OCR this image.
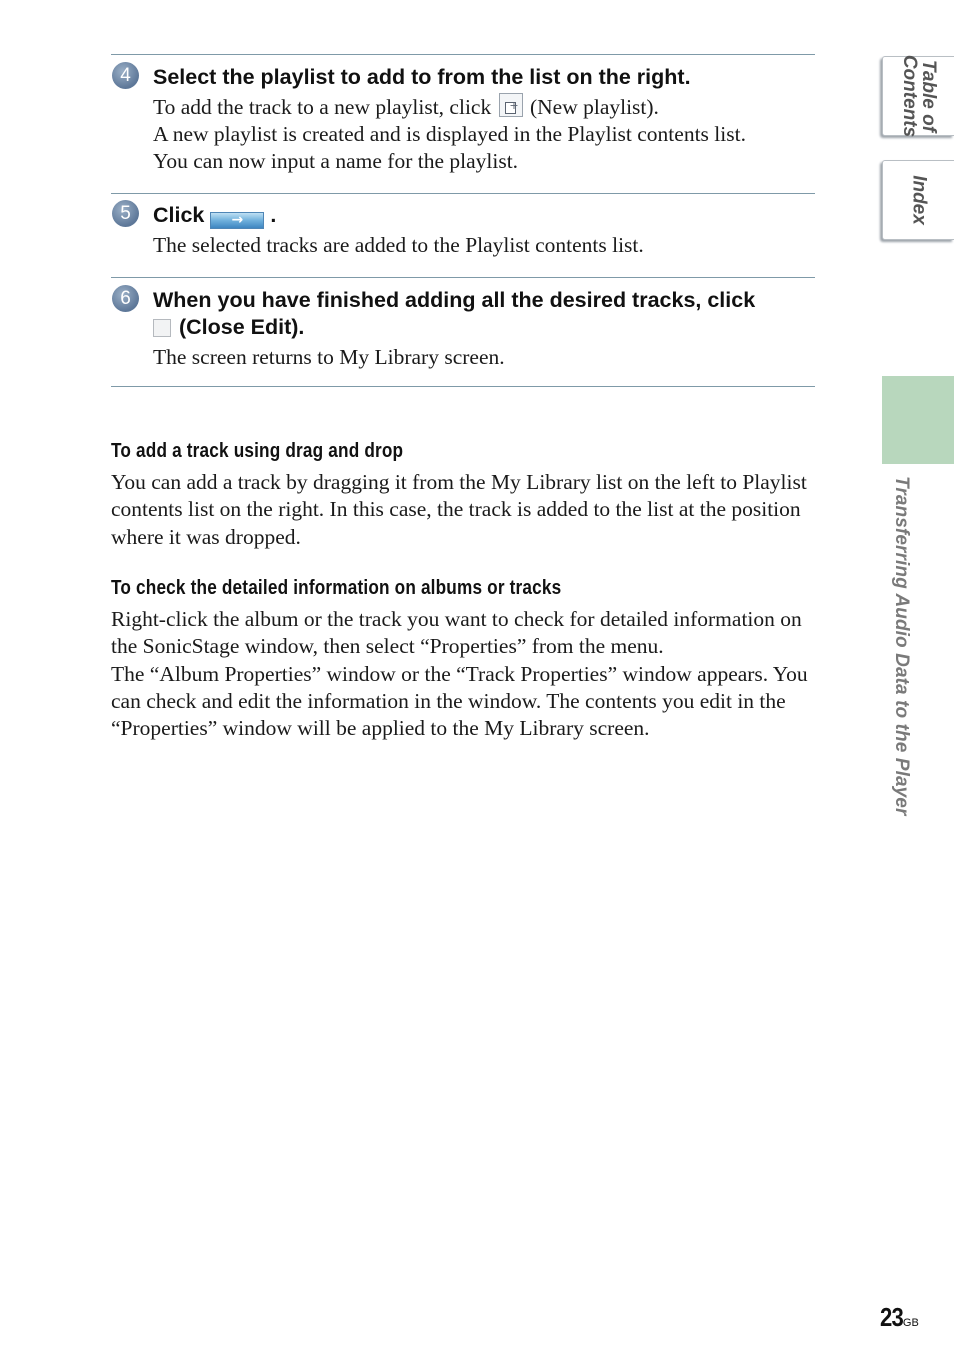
4	Select the playlist to add to from the list on the right.
To add the track to a new playlist, click + (New playlist).
A new playlist is created and is displayed in the Playlist contents list.
You can now input a name for the playlist.
5	Click → .
The selected tracks are added to the Playlist contents list.
6	When you have finished adding all the desired tracks, click
(Close Edit).
The screen returns to My Library screen.
To add a track using drag and drop

You can add a track by dragging it from the My Library list on the left to Playlist contents list on the right. In this case, the track is added to the list at the position where it was dropped.

To check the detailed information on albums or tracks

Right-click the album or the track you want to check for detailed information on the SonicStage window, then select “Properties” from the menu.

The “Album Properties” window or the “Track Properties” window appears. You can check and edit the information in the window. The contents you edit in the “Properties” window will be applied to the My Library screen.

Table of
Contents
Index
Transferring Audio Data to the Player
23GB
